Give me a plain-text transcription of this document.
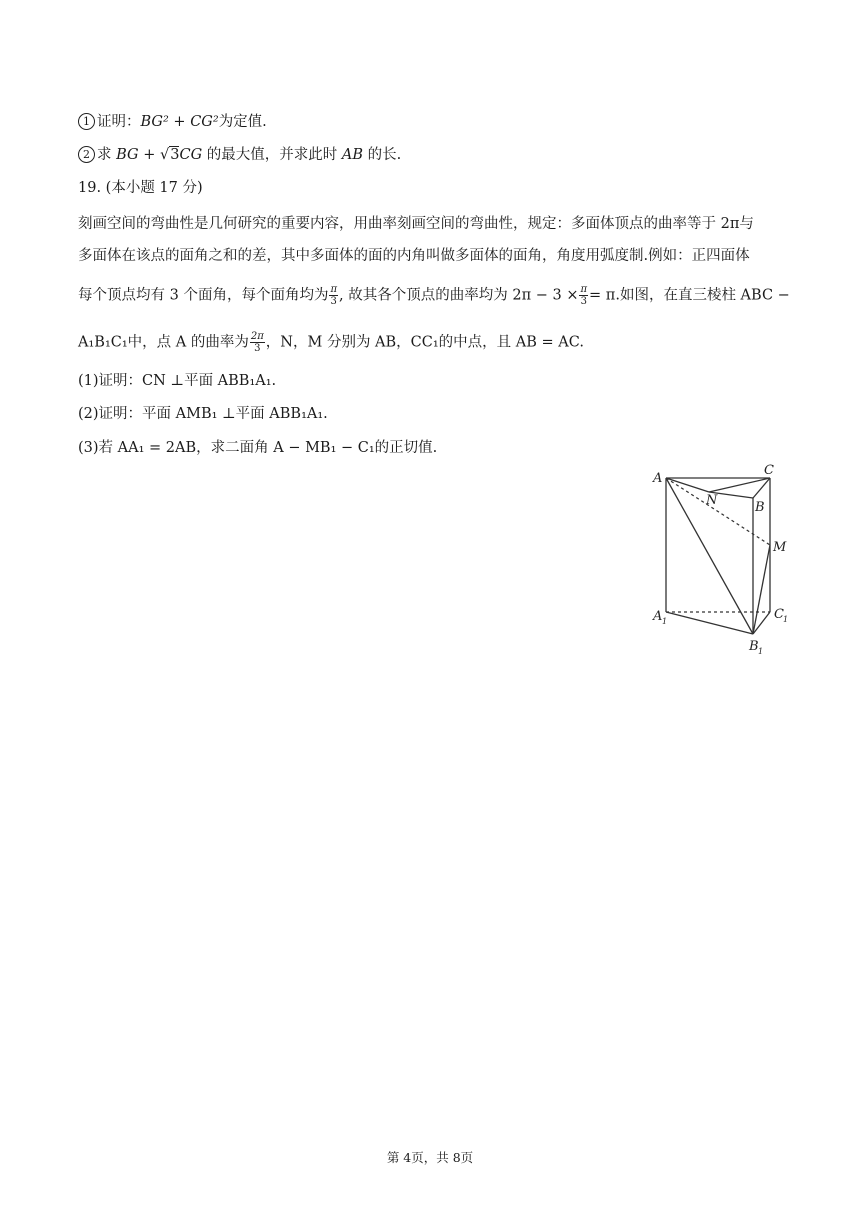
1 证明：BG² + CG²为定值.
2 求 BG + √3CG 的最大值，并求此时 AB 的长.
19. (本小题 17 分)
刻画空间的弯曲性是几何研究的重要内容，用曲率刻画空间的弯曲性，规定：多面体顶点的曲率等于 2π与
多面体在该点的面角之和的差，其中多面体的面的内角叫做多面体的面角，角度用弧度制.例如：正四面体
每个顶点均有 3 个面角，每个面角均为 $\frac{\pi}{3}$ , 故其各个顶点的曲率均为 $2\pi - 3 \times \frac{\pi}{3} = \pi$.如图，在直三棱柱 ABC −
A₁B₁C₁中，点 A 的曲率为 $\frac{2\pi}{3}$ ，N，M 分别为 AB，CC₁的中点，且 AB = AC.
(1)证明：CN ⊥平面 ABB₁A₁.
(2)证明：平面 AMB₁ ⊥平面 ABB₁A₁.
(3)若 AA₁ = 2AB，求二面角 A − MB₁ − C₁的正切值.
A
C
N	B
M
A 1	C 1
B 1
第 4页，共 8页
